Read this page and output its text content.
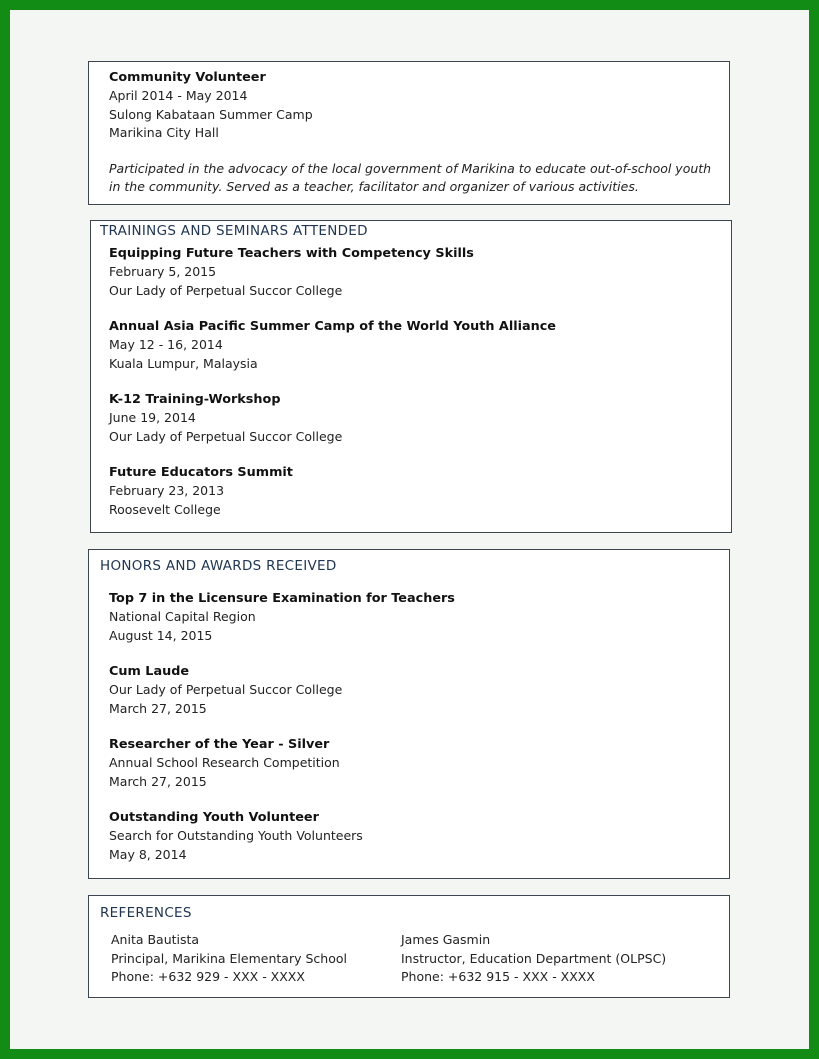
Community Volunteer
April 2014 - May 2014
Sulong Kabataan Summer Camp
Marikina City Hall
Participated in the advocacy of the local government of Marikina to educate out-of-school youth
in the community. Served as a teacher, facilitator and organizer of various activities.
TRAININGS AND SEMINARS ATTENDED
Equipping Future Teachers with Competency Skills
February 5, 2015
Our Lady of Perpetual Succor College
Annual Asia Pacific Summer Camp of the World Youth Alliance
May 12 - 16, 2014
Kuala Lumpur, Malaysia
K-12 Training-Workshop
June 19, 2014
Our Lady of Perpetual Succor College
Future Educators Summit
February 23, 2013
Roosevelt College
HONORS AND AWARDS RECEIVED
Top 7 in the Licensure Examination for Teachers
National Capital Region
August 14, 2015
Cum Laude
Our Lady of Perpetual Succor College
March 27, 2015
Researcher of the Year - Silver
Annual School Research Competition
March 27, 2015
Outstanding Youth Volunteer
Search for Outstanding Youth Volunteers
May 8, 2014
REFERENCES
Anita Bautista
Principal, Marikina Elementary School
Phone: +632 929 - XXX - XXXX
James Gasmin
Instructor, Education Department (OLPSC)
Phone: +632 915 - XXX - XXXX
